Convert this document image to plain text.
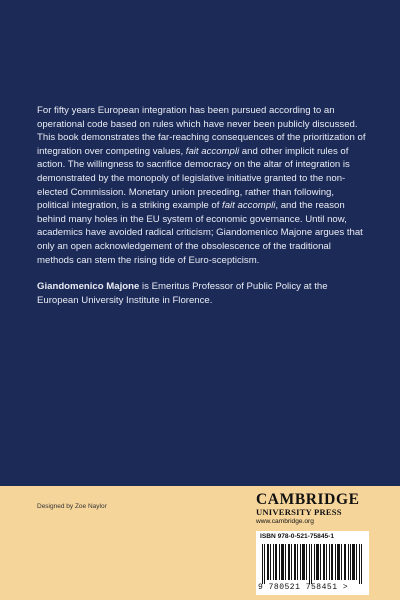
For fifty years European integration has been pursued according to an operational code based on rules which have never been publicly discussed. This book demonstrates the far-reaching consequences of the prioritization of integration over competing values, fait accompli and other implicit rules of action. The willingness to sacrifice democracy on the altar of integration is demonstrated by the monopoly of legislative initiative granted to the non-elected Commission. Monetary union preceding, rather than following, political integration, is a striking example of fait accompli, and the reason behind many holes in the EU system of economic governance. Until now, academics have avoided radical criticism; Giandomenico Majone argues that only an open acknowledgement of the obsolescence of the traditional methods can stem the rising tide of Euro-scepticism.

Giandomenico Majone is Emeritus Professor of Public Policy at the European University Institute in Florence.

Designed by Zoe Naylor	CAMBRIDGE
UNIVERSITY PRESS
www.cambridge.org
ISBN 978-0-521-75845-1
9 780521 758451 >
